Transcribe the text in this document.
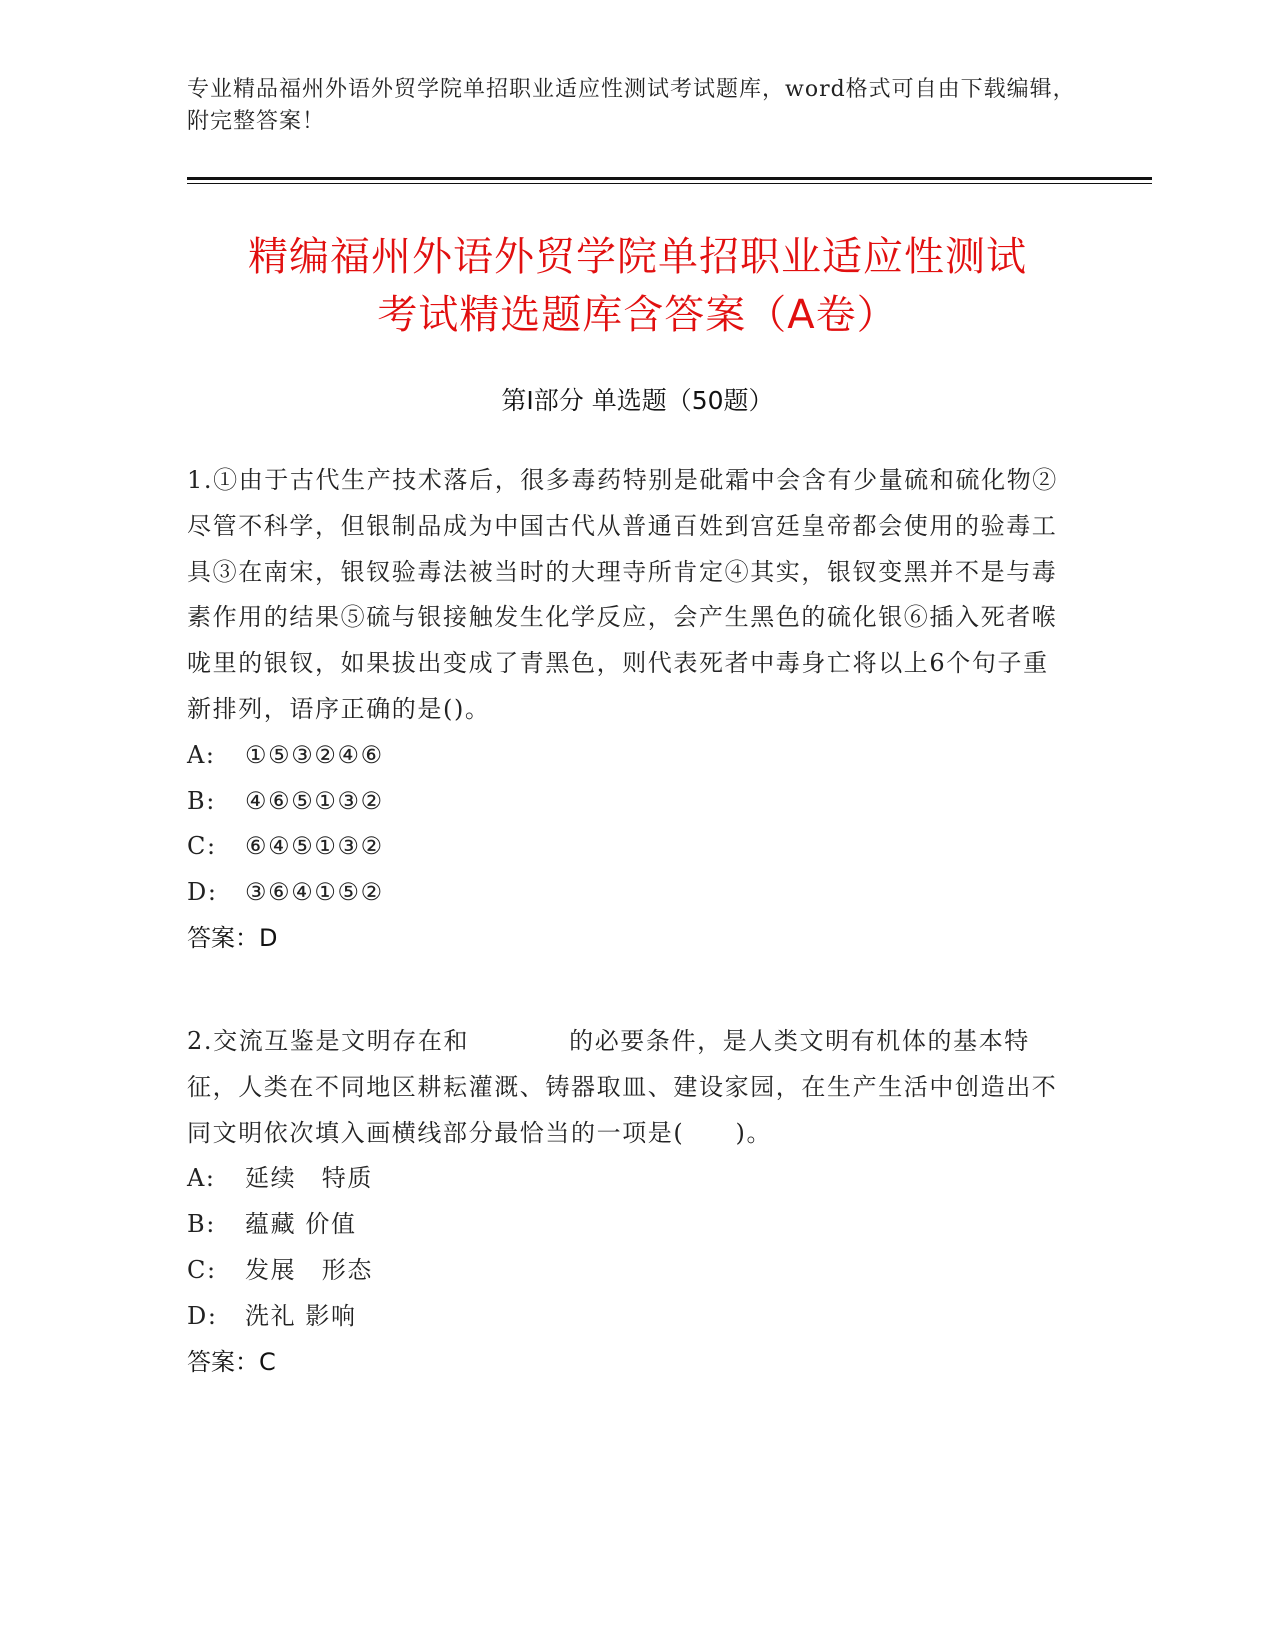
专业精品福州外语外贸学院单招职业适应性测试考试题库，word格式可自由下载编辑，附完整答案！
精编福州外语外贸学院单招职业适应性测试
考试精选题库含答案（A卷）
第Ⅰ部分 单选题（50题）

1.①由于古代生产技术落后，很多毒药特别是砒霜中会含有少量硫和硫化物②尽管不科学，但银制品成为中国古代从普通百姓到宫廷皇帝都会使用的验毒工具③在南宋，银钗验毒法被当时的大理寺所肯定④其实，银钗变黑并不是与毒素作用的结果⑤硫与银接触发生化学反应，会产生黑色的硫化银⑥插入死者喉咙里的银钗，如果拔出变成了青黑色，则代表死者中毒身亡将以上6个句子重新排列，语序正确的是()。

A: ①⑤③②④⑥
B: ④⑥⑤①③②
C: ⑥④⑤①③②
D: ③⑥④①⑤②
答案：D

2.交流互鉴是文明存在和	的必要条件，是人类文明有机体的基本特征，人类在不同地区耕耘灌溉、铸器取皿、建设家园，在生产生活中创造出不同文明依次填入画横线部分最恰当的一项是(　　)。

A: 延续　特质
B: 蕴藏 价值
C: 发展　形态
D: 洗礼 影响
答案：C
